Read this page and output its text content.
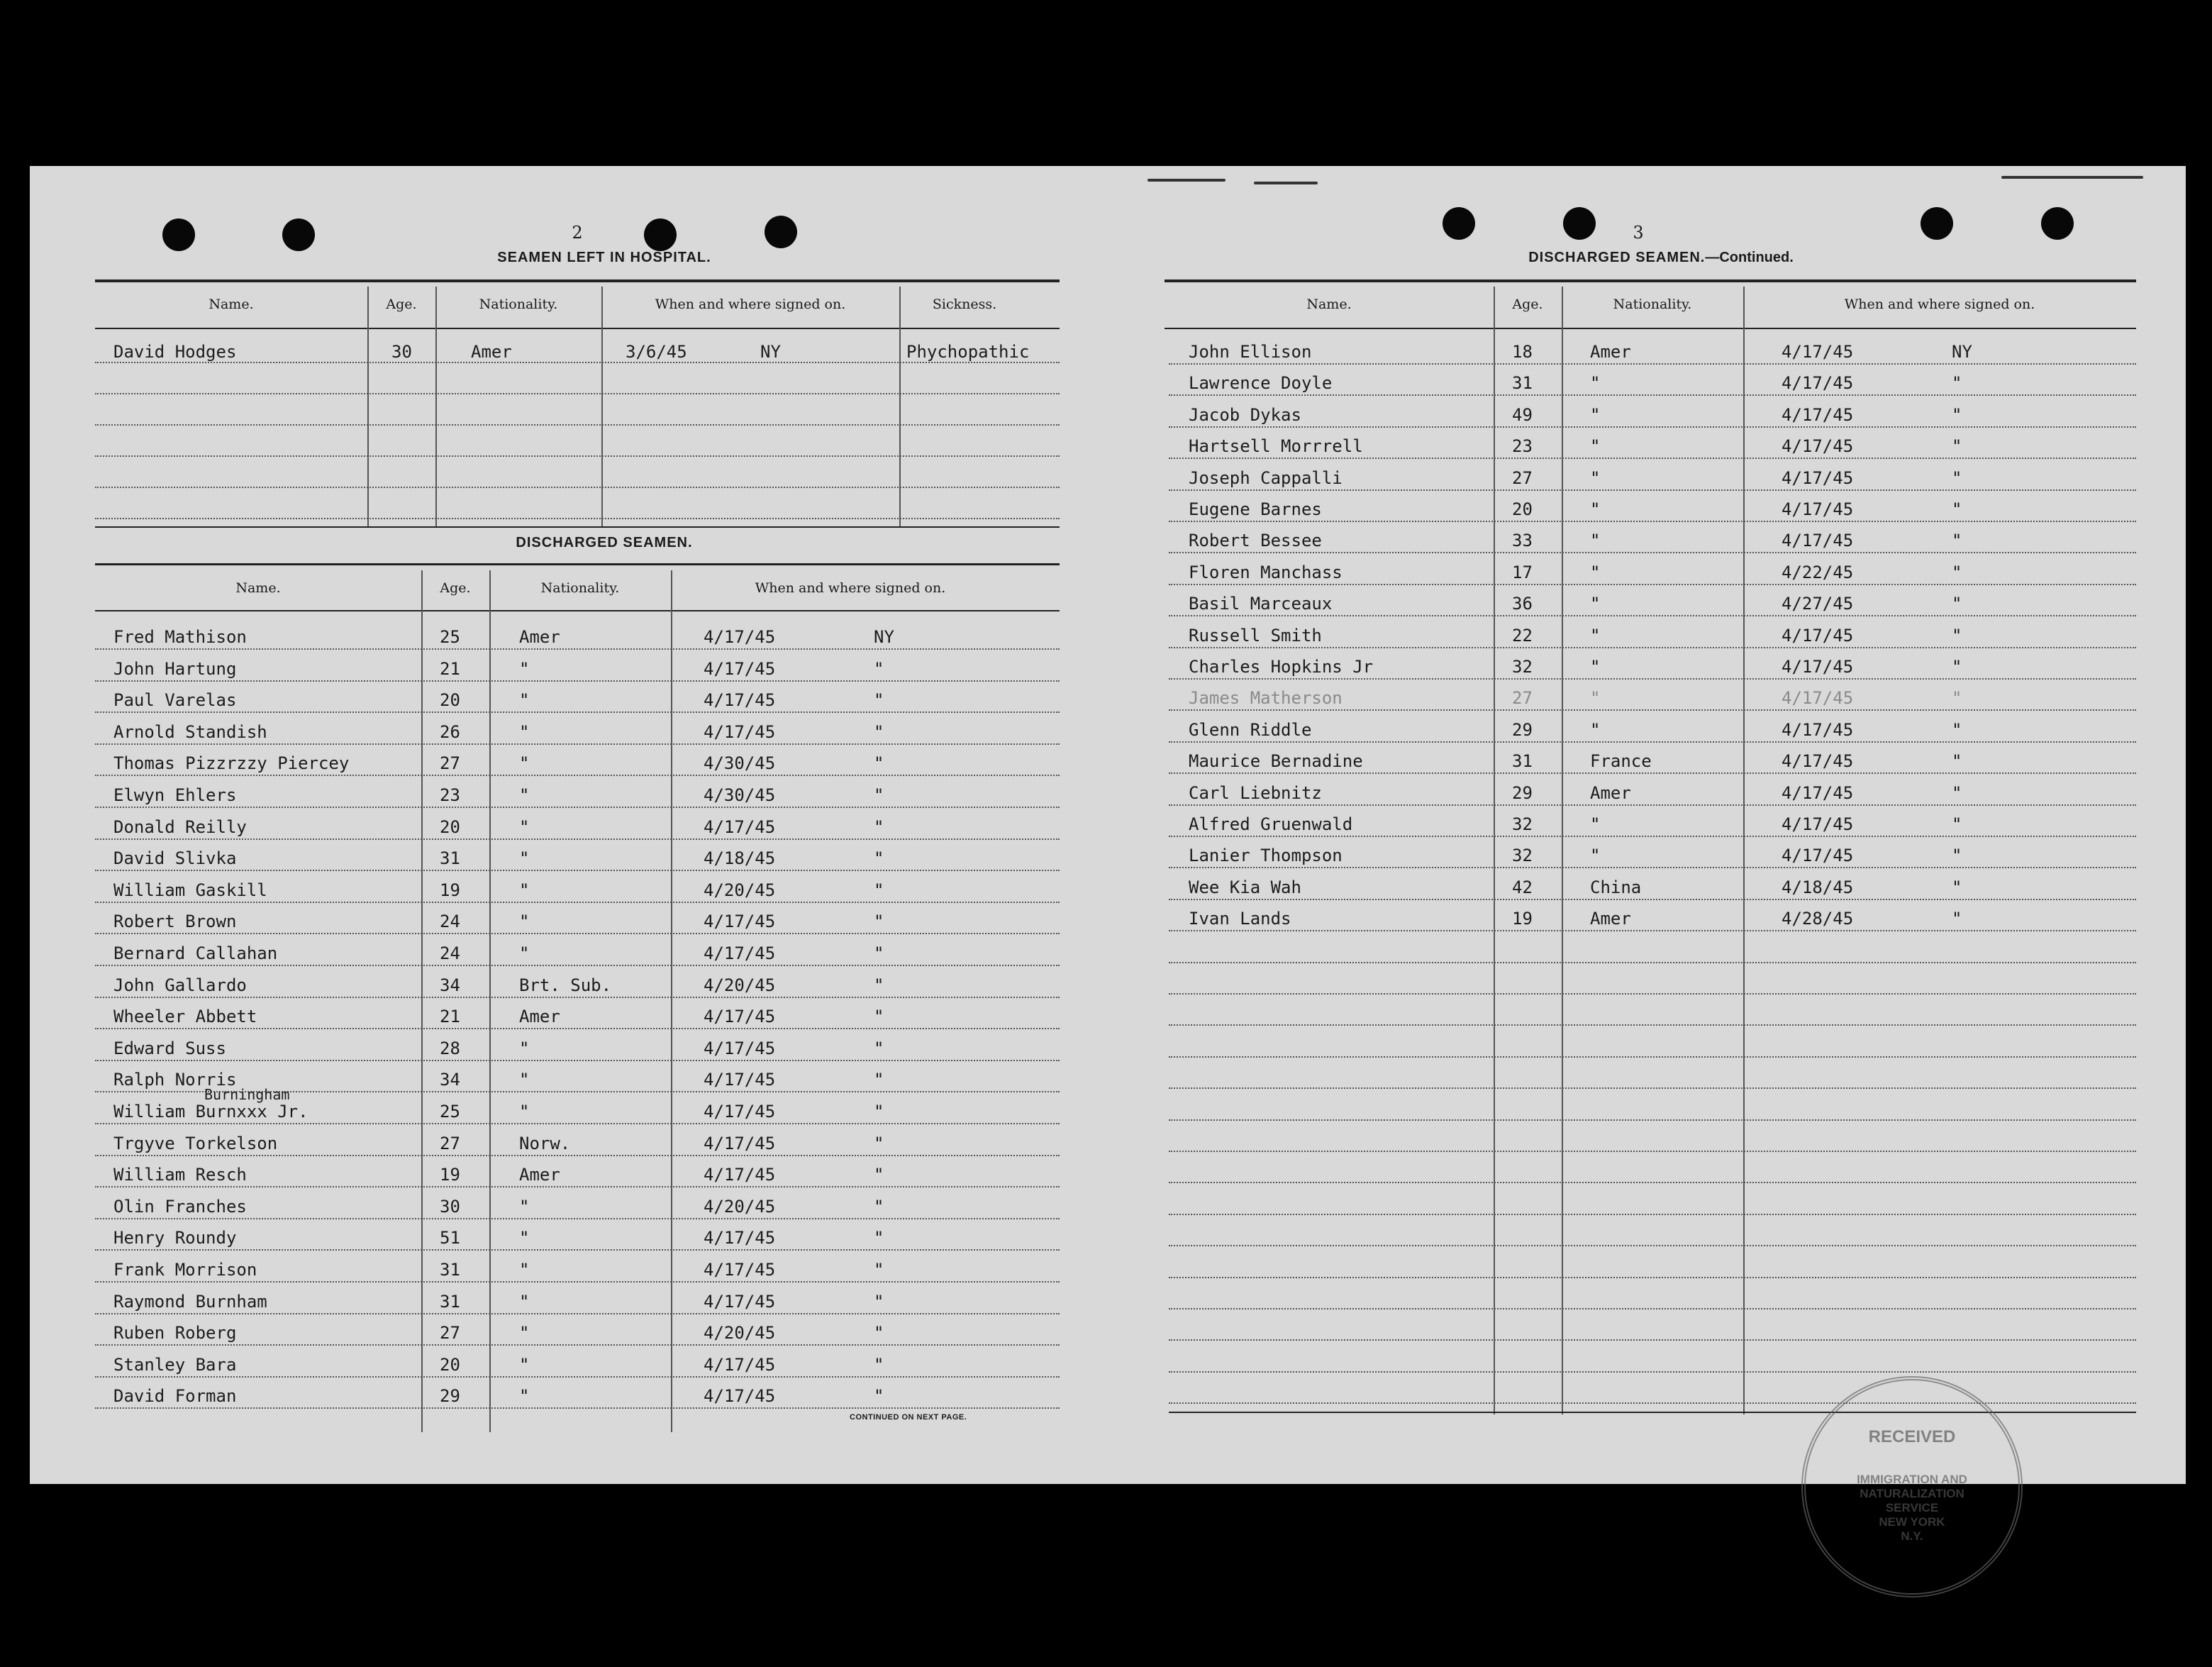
2
SEAMEN LEFT IN HOSPITAL.
Name.	Age.	Nationality.	When and where signed on.	Sickness.
David Hodges	30	Amer	3/6/45	NY	Phychopathic
DISCHARGED SEAMEN.
Name.	Age.	Nationality.	When and where signed on.
Fred Mathison	25	Amer	4/17/45	NY
John Hartung	21	"	4/17/45	"
Paul Varelas	20	"	4/17/45	"
Arnold Standish	26	"	4/17/45	"
Thomas Pizzrzzy Piercey	27	"	4/30/45	"
Elwyn Ehlers	23	"	4/30/45	"
Donald Reilly	20	"	4/17/45	"
David Slivka	31	"	4/18/45	"
William Gaskill	19	"	4/20/45	"
Robert Brown	24	"	4/17/45	"
Bernard Callahan	24	"	4/17/45	"
John Gallardo	34	Brt. Sub.	4/20/45	"
Wheeler Abbett	21	Amer	4/17/45	"
Edward Suss	28	"	4/17/45	"
Ralph Norris	34	"	4/17/45	"
Burningham
William Burnxxx Jr.	25	"	4/17/45	"
Trgyve Torkelson	27	Norw.	4/17/45	"
William Resch	19	Amer	4/17/45	"
Olin Franches	30	"	4/20/45	"
Henry Roundy	51	"	4/17/45	"
Frank Morrison	31	"	4/17/45	"
Raymond Burnham	31	"	4/17/45	"
Ruben Roberg	27	"	4/20/45	"
Stanley Bara	20	"	4/17/45	"
David Forman	29	"	4/17/45	"
CONTINUED ON NEXT PAGE.
3
DISCHARGED SEAMEN.—Continued.
Name.	Age.	Nationality.	When and where signed on.
John Ellison	18	Amer	4/17/45	NY
Lawrence Doyle	31	"	4/17/45	"
Jacob Dykas	49	"	4/17/45	"
Hartsell Morrrell	23	"	4/17/45	"
Joseph Cappalli	27	"	4/17/45	"
Eugene Barnes	20	"	4/17/45	"
Robert Bessee	33	"	4/17/45	"
Floren Manchass	17	"	4/22/45	"
Basil Marceaux	36	"	4/27/45	"
Russell Smith	22	"	4/17/45	"
Charles Hopkins Jr	32	"	4/17/45	"
James Matherson	27	"	4/17/45	"
Glenn Riddle	29	"	4/17/45	"
Maurice Bernadine	31	France	4/17/45	"
Carl Liebnitz	29	Amer	4/17/45	"
Alfred Gruenwald	32	"	4/17/45	"
Lanier Thompson	32	"	4/17/45	"
Wee Kia Wah	42	China	4/18/45	"
Ivan Lands	19	Amer	4/28/45	"
RECEIVED
IMMIGRATION AND
NATURALIZATION
SERVICE
NEW YORK
N.Y.
